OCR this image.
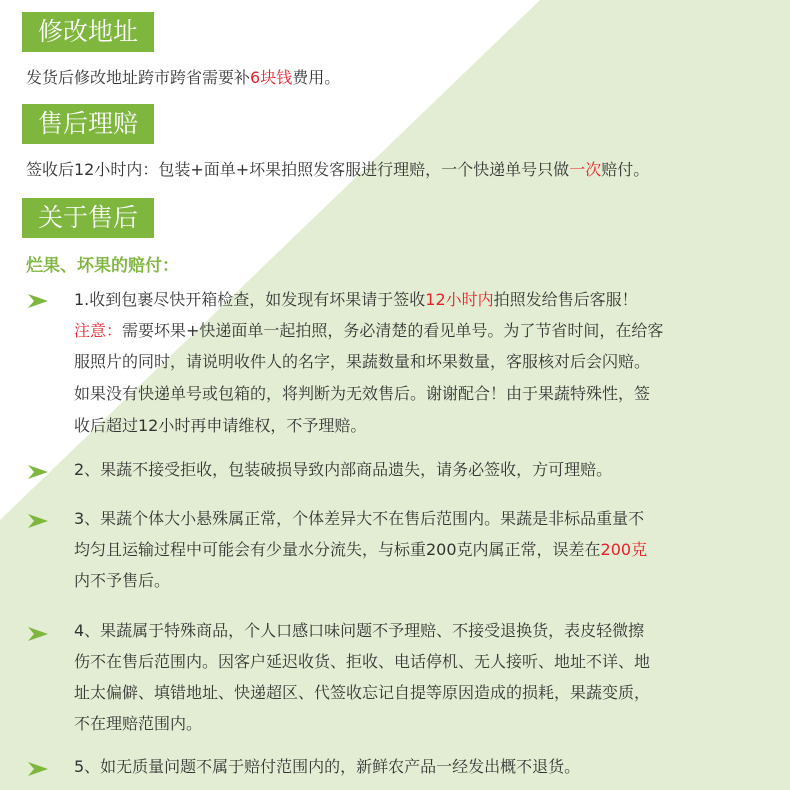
修改地址
发货后修改地址跨市跨省需要补6块钱费用。
售后理赔
签收后12小时内：包装+面单+坏果拍照发客服进行理赔，一个快递单号只做一次赔付。
关于售后
烂果、坏果的赔付：
1.收到包裹尽快开箱检查，如发现有坏果请于签收12小时内拍照发给售后客服！
注意：需要坏果+快递面单一起拍照，务必清楚的看见单号。为了节省时间，在给客
服照片的同时，请说明收件人的名字，果蔬数量和坏果数量，客服核对后会闪赔。
如果没有快递单号或包箱的，将判断为无效售后。谢谢配合！由于果蔬特殊性，签
收后超过12小时再申请维权，不予理赔。
2、果蔬不接受拒收，包装破损导致内部商品遗失，请务必签收，方可理赔。
3、果蔬个体大小悬殊属正常，个体差异大不在售后范围内。果蔬是非标品重量不
均匀且运输过程中可能会有少量水分流失，与标重200克内属正常，误差在200克
内不予售后。
4、果蔬属于特殊商品，个人口感口味问题不予理赔、不接受退换货，表皮轻微擦
伤不在售后范围内。因客户延迟收货、拒收、电话停机、无人接听、地址不详、地
址太偏僻、填错地址、快递超区、代签收忘记自提等原因造成的损耗，果蔬变质，
不在理赔范围内。
5、如无质量问题不属于赔付范围内的，新鲜农产品一经发出概不退货。
